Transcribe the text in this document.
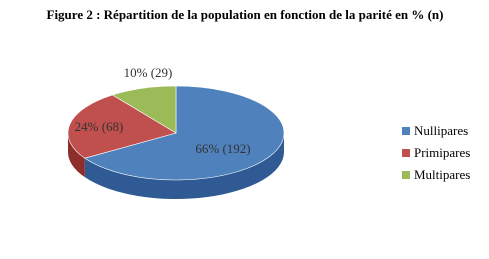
Figure 2 : Répartition de la population en fonction de la parité en % (n)
66% (192)
24% (68)
10% (29)
Nullipares
Primipares
Multipares
